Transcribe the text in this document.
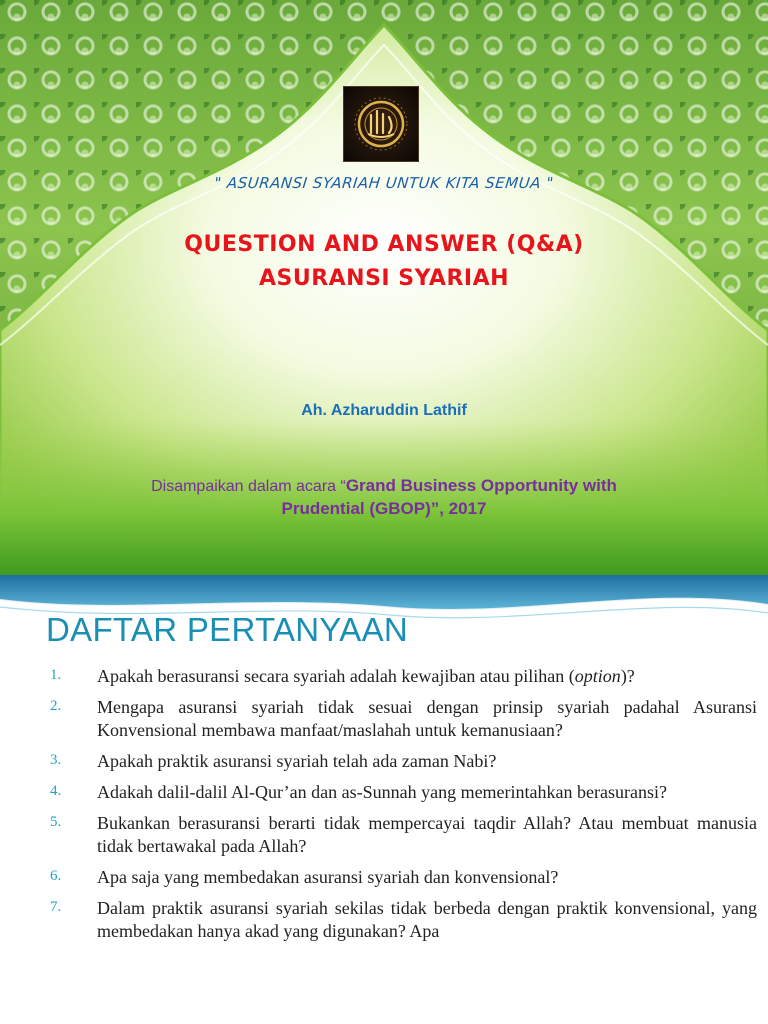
" ASURANSI SYARIAH UNTUK KITA SEMUA "
QUESTION AND ANSWER (Q&A)
ASURANSI SYARIAH
Ah. Azharuddin Lathif
Disampaikan dalam acara “Grand Business Opportunity with
Prudential (GBOP)”, 2017
DAFTAR PERTANYAAN
1.	Apakah berasuransi secara syariah adalah kewajiban atau pilihan (option)?
2.	Mengapa asuransi syariah tidak sesuai dengan prinsip syariah padahal Asuransi Konvensional membawa manfaat/maslahah untuk kemanusiaan?
3.	Apakah praktik asuransi syariah telah ada zaman Nabi?
4.	Adakah dalil-dalil Al-Qur’an dan as-Sunnah yang memerintahkan berasuransi?
5.	Bukankan berasuransi berarti tidak mempercayai taqdir Allah? Atau membuat manusia tidak bertawakal pada Allah?
6.	Apa saja yang membedakan asuransi syariah dan konvensional?
7.	Dalam praktik asuransi syariah sekilas tidak berbeda dengan praktik konvensional, yang membedakan hanya akad yang digunakan? Apa
